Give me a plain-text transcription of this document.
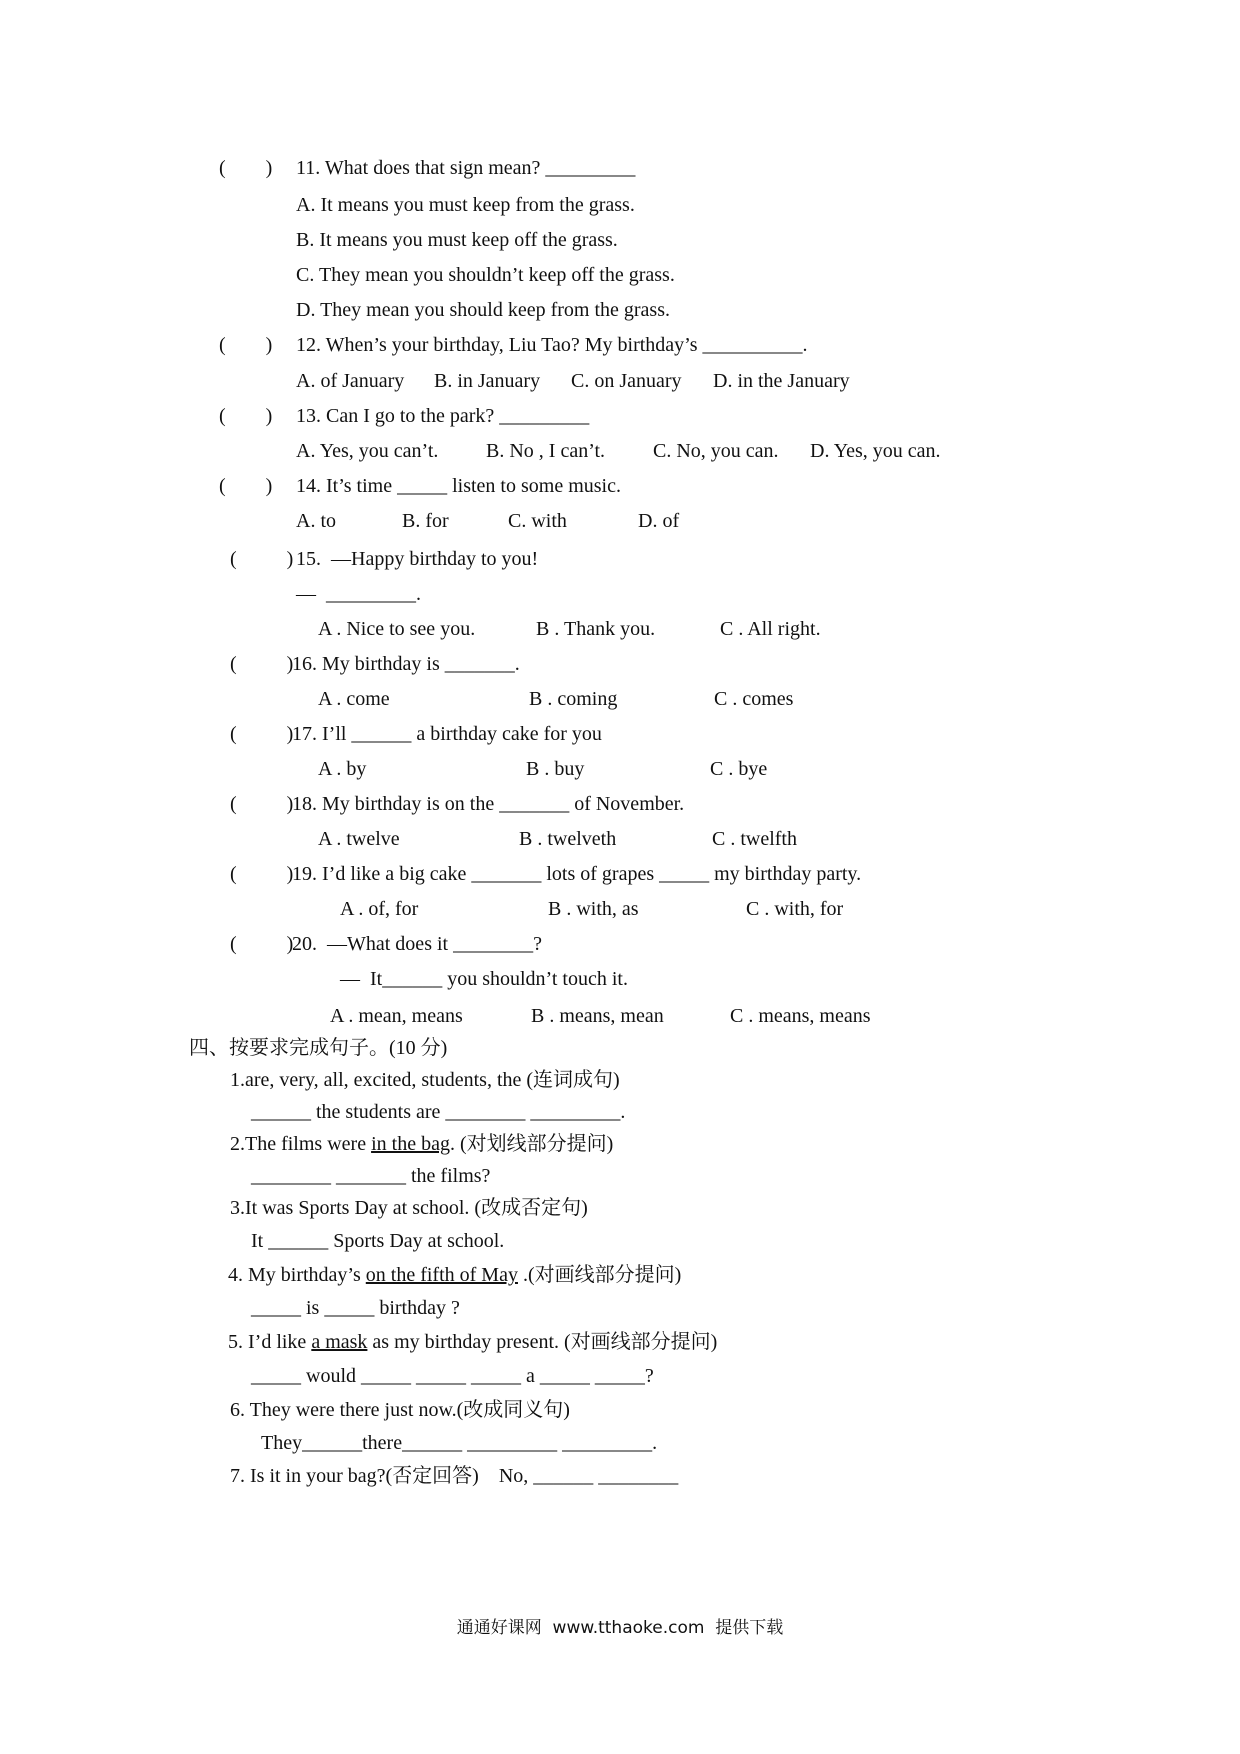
(        ) 11. What does that sign mean? _________
A. It means you must keep from the grass.
B. It means you must keep off the grass.
C. They mean you shouldn’t keep off the grass.
D. They mean you should keep from the grass.
(        ) 12. When’s your birthday, Liu Tao? My birthday’s __________.
A. of January B. in January C. on January D. in the January
(        ) 13. Can I go to the park? _________
A. Yes, you can’t. B. No , I can’t. C. No, you can. D. Yes, you can.
(        ) 14. It’s time _____ listen to some music.
A. to	B. for	C. with	D. of
(          ) 15.  —Happy birthday to you!
—  _________.
A . Nice to see you.	B . Thank you.	C . All right.
(          )
16. My birthday is _______.
A . come	B . coming	C . comes
(          )
17. I’ll ______ a birthday cake for you
A . by	B . buy	C . bye
(          )
18. My birthday is on the _______ of November.
A . twelve	B . twelveth	C . twelfth
(          )
19. I’d like a big cake _______ lots of grapes _____ my birthday party.
A . of, for	B . with, as	C . with, for
(          )
20.  —What does it ________?
—  It______ you shouldn’t touch it.
A . mean, means	B . means, mean	C . means, means
四、按要求完成句子。(10 分)
1.are, very, all, excited, students, the (连词成句)
______ the students are ________ _________.
2.The films were in the bag. (对划线部分提问)
________ _______ the films?
3.It was Sports Day at school. (改成否定句)
It ______ Sports Day at school.
4. My birthday’s on the fifth of May .(对画线部分提问)
_____ is _____ birthday ?
5. I’d like a mask as my birthday present. (对画线部分提问)
_____ would _____ _____ _____ a _____ _____?
6. They were there just now.(改成同义句)
They______there______ _________ _________.
7. Is it in your bag?(否定回答)    No, ______ ________
通通好课网  www.tthaoke.com  提供下载
